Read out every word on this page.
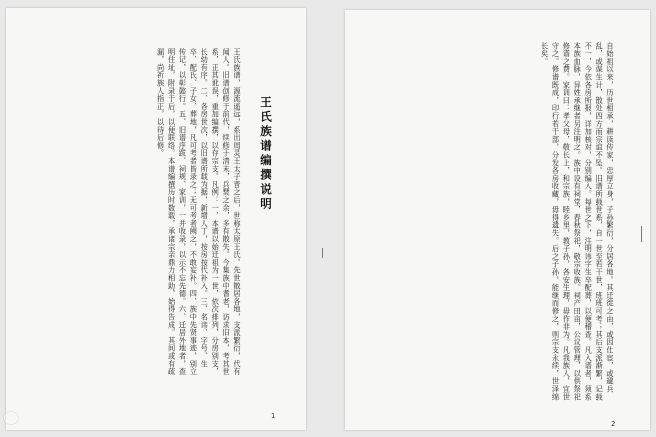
王氏族谱编撰说明
王氏族谱，源流遥远，系出周灵王太子晋之后，世称太原王氏。先世散居各地，支派繁衍，代有闻人。旧谱创修于前代，续修于清末，兵燹之余，多有散失。今集族中耆老，访求旧本，考其世系，正其讹误，重加编撰，以存宗支。凡例：一、本谱以始迁祖为一世，依次排列，分房别支，长幼有序。二、各房世次，以旧谱所载为据，新增人丁，按房按代补入。三、名讳、字号、生卒、配氏、子女、葬地，凡可考者皆录之；无可考者阙之，不敢妄补。四、族中先贤事迹，别立传记，以彰懿行。五、旧谱序跋、祠规、家训，一并收录，以示不忘先德。六、迁居外地者，查明住址，附录于后，以便联络。本谱编撰历时数载，承诸宗亲鼎力相助，始得告成。其间或有疏漏，尚祈族人指正，以待后修。
1
自始祖以来，历世相承，耕读传家，忠厚立身，子孙繁衍，分居各地。其迁徙之由，或因仕宦，或避兵乱，或谋生计，散处四方而宗谊不坠。旧谱所载世系，自一世至若干世，班班可考；其后支派渐繁，记载不一，今依各房所报，详加核对，分别编入。每世之下，注明讳字生卒配葬，以便稽查。凡入谱者，须系本族血脉，异姓承继者另注明之。族中设有祠堂，春秋祭祀，敬宗收族。祠产田亩，公议管理，以供祭祀修谱之费。家训曰：孝父母，敬长上，和宗族，睦乡里，教子孙，各安生理，毋作非为。凡我族人，宜世守之。修谱既成，印行若干部，分发各房收藏，毋得遗失。后之子孙，能继而修之，则宗支永续，世泽绵长矣。
2
